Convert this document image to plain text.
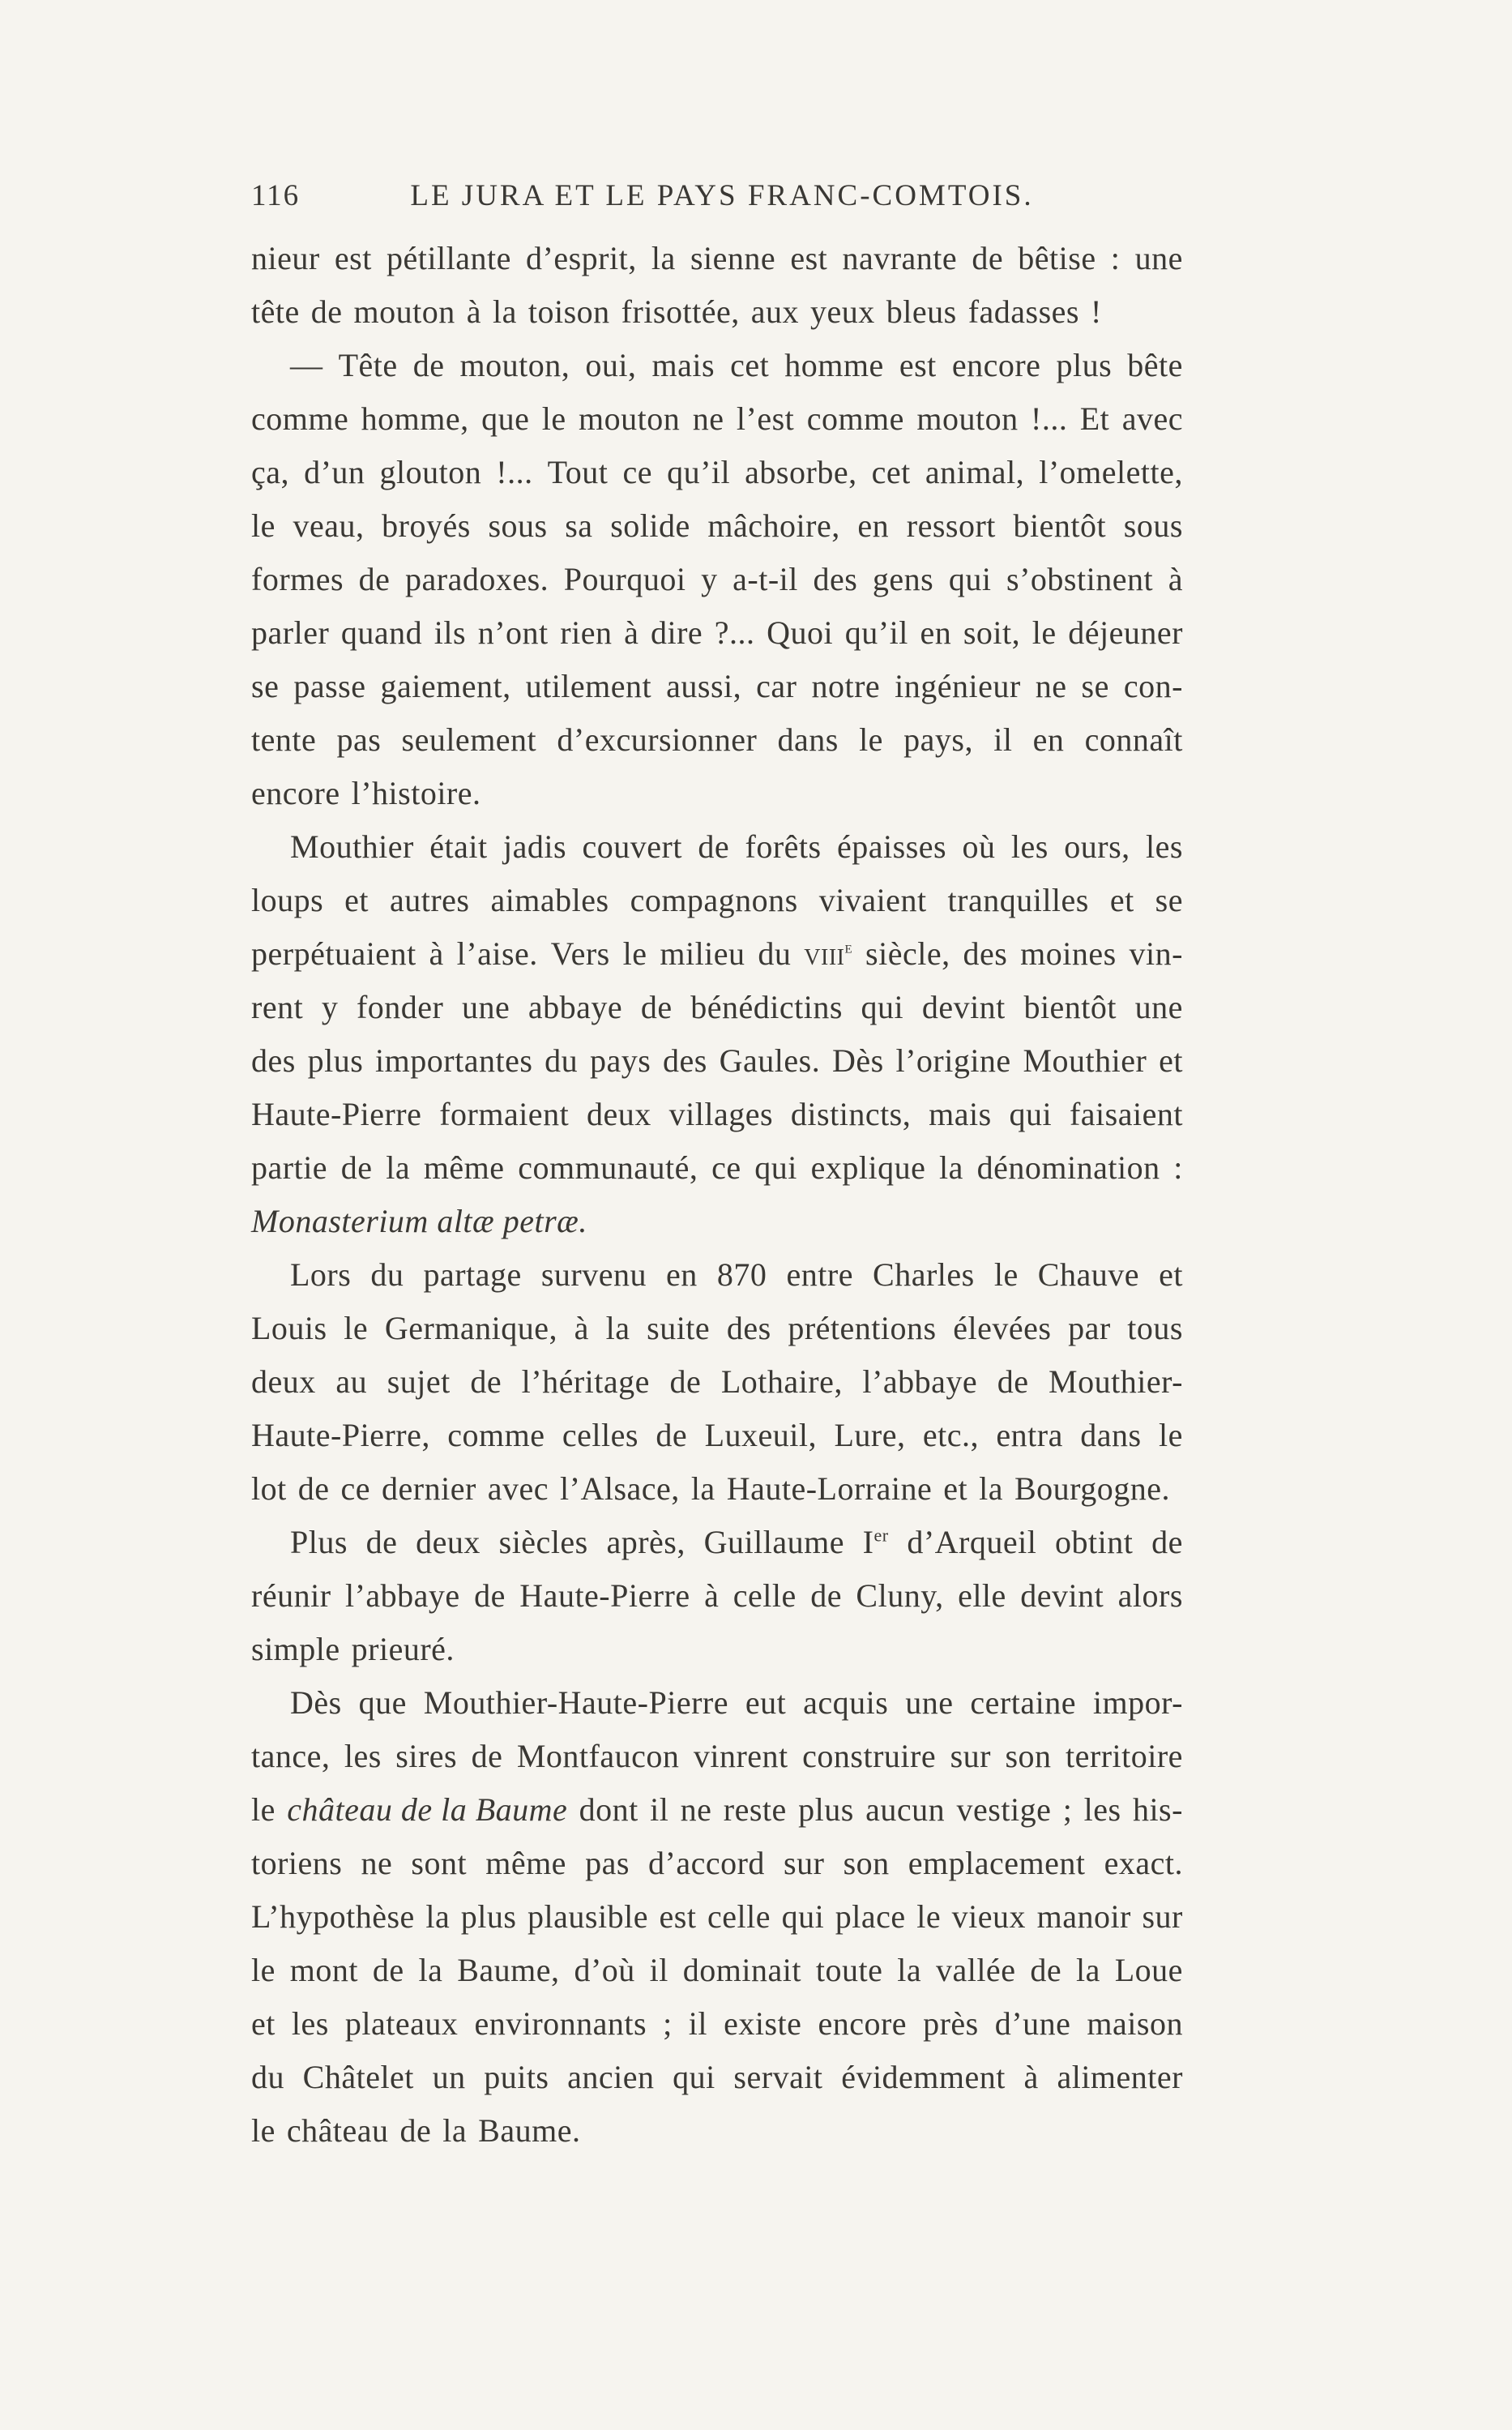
116	LE JURA ET LE PAYS FRANC-COMTOIS.
nieur est pétillante d’esprit, la sienne est navrante de bêtise : une
tête de mouton à la toison frisottée, aux yeux bleus fadasses !
— Tête de mouton, oui, mais cet homme est encore plus bête
comme homme, que le mouton ne l’est comme mouton !... Et avec
ça, d’un glouton !... Tout ce qu’il absorbe, cet animal, l’omelette,
le veau, broyés sous sa solide mâchoire, en ressort bientôt sous
formes de paradoxes. Pourquoi y a-t-il des gens qui s’obstinent à
parler quand ils n’ont rien à dire ?... Quoi qu’il en soit, le déjeuner
se passe gaiement, utilement aussi, car notre ingénieur ne se con-
tente pas seulement d’excursionner dans le pays, il en connaît
encore l’histoire.
Mouthier était jadis couvert de forêts épaisses où les ours, les
loups et autres aimables compagnons vivaient tranquilles et se
perpétuaient à l’aise. Vers le milieu du viii$^e$ siècle, des moines vin-
rent y fonder une abbaye de bénédictins qui devint bientôt une
des plus importantes du pays des Gaules. Dès l’origine Mouthier et
Haute-Pierre formaient deux villages distincts, mais qui faisaient
partie de la même communauté, ce qui explique la dénomination :
Monasterium altæ petræ.
Lors du partage survenu en 870 entre Charles le Chauve et
Louis le Germanique, à la suite des prétentions élevées par tous
deux au sujet de l’héritage de Lothaire, l’abbaye de Mouthier-
Haute-Pierre, comme celles de Luxeuil, Lure, etc., entra dans le
lot de ce dernier avec l’Alsace, la Haute-Lorraine et la Bourgogne.
Plus de deux siècles après, Guillaume Ier d’Arqueil obtint de
réunir l’abbaye de Haute-Pierre à celle de Cluny, elle devint alors
simple prieuré.
Dès que Mouthier-Haute-Pierre eut acquis une certaine impor-
tance, les sires de Montfaucon vinrent construire sur son territoire
le château de la Baume dont il ne reste plus aucun vestige ; les his-
toriens ne sont même pas d’accord sur son emplacement exact.
L’hypothèse la plus plausible est celle qui place le vieux manoir sur
le mont de la Baume, d’où il dominait toute la vallée de la Loue
et les plateaux environnants ; il existe encore près d’une maison
du Châtelet un puits ancien qui servait évidemment à alimenter
le château de la Baume.
